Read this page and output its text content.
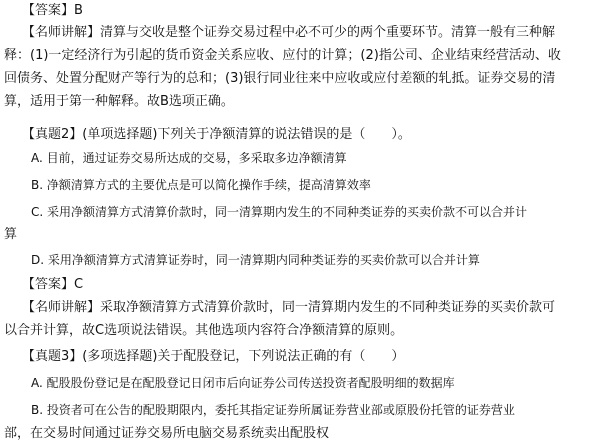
【答案】B
【名师讲解】清算与交收是整个证券交易过程中必不可少的两个重要环节。清算一般有三种解
释：(1)一定经济行为引起的货币资金关系应收、应付的计算；(2)指公司、企业结束经营活动、收
回债务、处置分配财产等行为的总和；(3)银行同业往来中应收或应付差额的轧抵。证券交易的清
算，适用于第一种解释。故B选项正确。
【真题2】(单项选择题)下列关于净额清算的说法错误的是（　　）。
A. 目前，通过证券交易所达成的交易，多采取多边净额清算
B. 净额清算方式的主要优点是可以简化操作手续，提高清算效率
C. 采用净额清算方式清算价款时，同一清算期内发生的不同种类证券的买卖价款不可以合并计
算
D. 采用净额清算方式清算证券时，同一清算期内同种类证券的买卖价款可以合并计算
【答案】C
【名师讲解】采取净额清算方式清算价款时，同一清算期内发生的不同种类证券的买卖价款可
以合并计算，故C选项说法错误。其他选项内容符合净额清算的原则。
【真题3】(多项选择题)关于配股登记，下列说法正确的有（　　）
A. 配股股份登记是在配股登记日闭市后向证券公司传送投资者配股明细的数据库
B. 投资者可在公告的配股期限内，委托其指定证券所属证券营业部或原股份托管的证券营业
部，在交易时间通过证券交易所电脑交易系统卖出配股权
